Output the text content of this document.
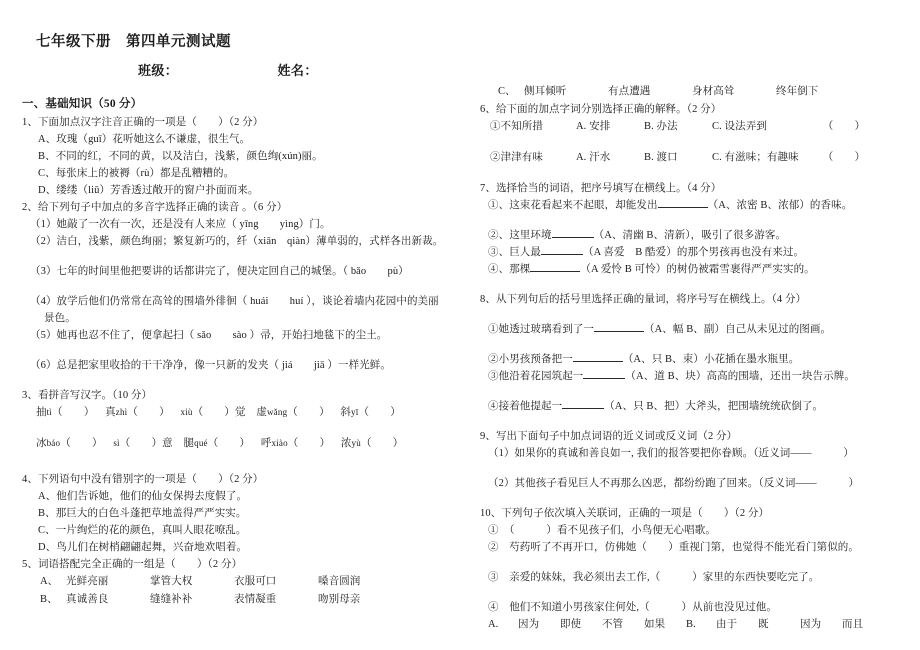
七年级下册　第四单元测试题
班级：	姓名：
一、基础知识（50 分）
1、下面加点汉字注音正确的一项是（　　）（2 分）
A、玫瑰（guī）花听她这么不谦虚，很生气。
B、不同的红，不同的黄，以及洁白，浅紫，颜色绚(xún)丽。
C、每张床上的被褥（rù）都是乱糟糟的。
D、缕缕（liū）芳香透过敞开的窗户扑面而来。
2、给下列句子中加点的多音字选择正确的读音 。（6 分）
（1）她敲了一次有一次，还是没有人来应（ yīng　　yìng）门。
（2）洁白，浅紫，颜色绚丽；繁复新巧的，纤（xiān　qiàn）薄单弱的，式样各出新裁。
（3）七年的时间里他把要讲的话都讲完了，便决定回自己的城堡。（ bǎo　　pù）
（4）放学后他们仍常常在高耸的围墙外徘徊（ huái　　huí ），谈论着墙内花园中的美丽
景色。
（5）她再也忍不住了，便拿起扫（ sǎo　　sào ）帚，开始扫地毯下的尘土。
（6）总是把家里收拾的干干净净，像一只新的发夹（ jiá　　jiā ）一样光鲜。
3、看拼音写汉字。（10 分）
抽tì（　　） 真zhì（　　） xiù（　　）觉 虚wǎng（　　） 斜yī（　　）
冰báo（　　） sì（　　）意 腿qué（　　） 呼xiào（　　） 浓yù（　　）
4、下列语句中没有错别字的一项是（　　）（2 分）
A、他们告诉她，他们的仙女保拇去度假了。
B、那巨大的白色斗蓬把草地盖得严严实实。
C、一片绚烂的花的颜色，真叫人眼花嘹乱。
D、鸟儿们在树梢翩翩起舞，兴奋地欢唱着。
5、词语搭配完全正确的一组是（　　）（2 分）
A、 光鲜亮丽	掌管大权	衣服可口	嗓音圆润
B、 真诚善良	缝缝补补	表情凝重	吻别母亲
C、 侧耳倾听	有点遭遇	身材高耸	终年倒下
6、给下面的加点字词分别选择正确的解释。（2 分）
①不知所措	A. 安排	B. 办法	C. 设法弄到	（　　）
②津津有味	A. 汗水	B. 渡口	C. 有滋味；有趣味 （　　）
7、选择恰当的词语，把序号填写在横线上。（4 分）
①、这束花看起来不起眼，却能发出	（A、浓密 B、浓郁）的香味。
②、这里环境	（A、清幽 B、清新），吸引了很多游客。
③、巨人最	（A 喜爱　B 酷爱）的那个男孩再也没有来过。
④、那棵	（A 爱怜 B 可怜）的树仍被霜雪裹得严严实实的。
8、从下列句后的括号里选择正确的量词，将序号写在横线上。（4 分）
①她透过玻璃看到了一	（A、幅 B、副）自己从未见过的图画。
②小男孩预备把一	（A、只 B、束）小花插在墨水瓶里。
③他沿着花园筑起一	（A、道 B、块）高高的围墙，还出一块告示牌。
④接着他提起一	（A、只 B、把）大斧头，把围墙统统砍倒了。
9、写出下面句子中加点词语的近义词或反义词（2 分）
（1）如果你的真诚和善良如一, 我们的报答要把你眷顾。（近义词——　　　）
（2）其他孩子看见巨人不再那么凶恶，都纷纷跑了回来。（反义词——　　　）
10、下列句子依次填入关联词，正确的一项是（　　）（2 分）
①　（　　　）看不见孩子们，小鸟便无心唱歌。
②　芍药听了不再开口，仿佛她（　　）重视门第，也觉得不能光看门第似的。
③　亲爱的妹妹，我必须出去工作,（　　　）家里的东西快要吃完了。
④　他们不知道小男孩家住何处,（　　　）从前也没见过他。
A. 因为 即使 不管 如果 B. 由于 既	因为 而且
